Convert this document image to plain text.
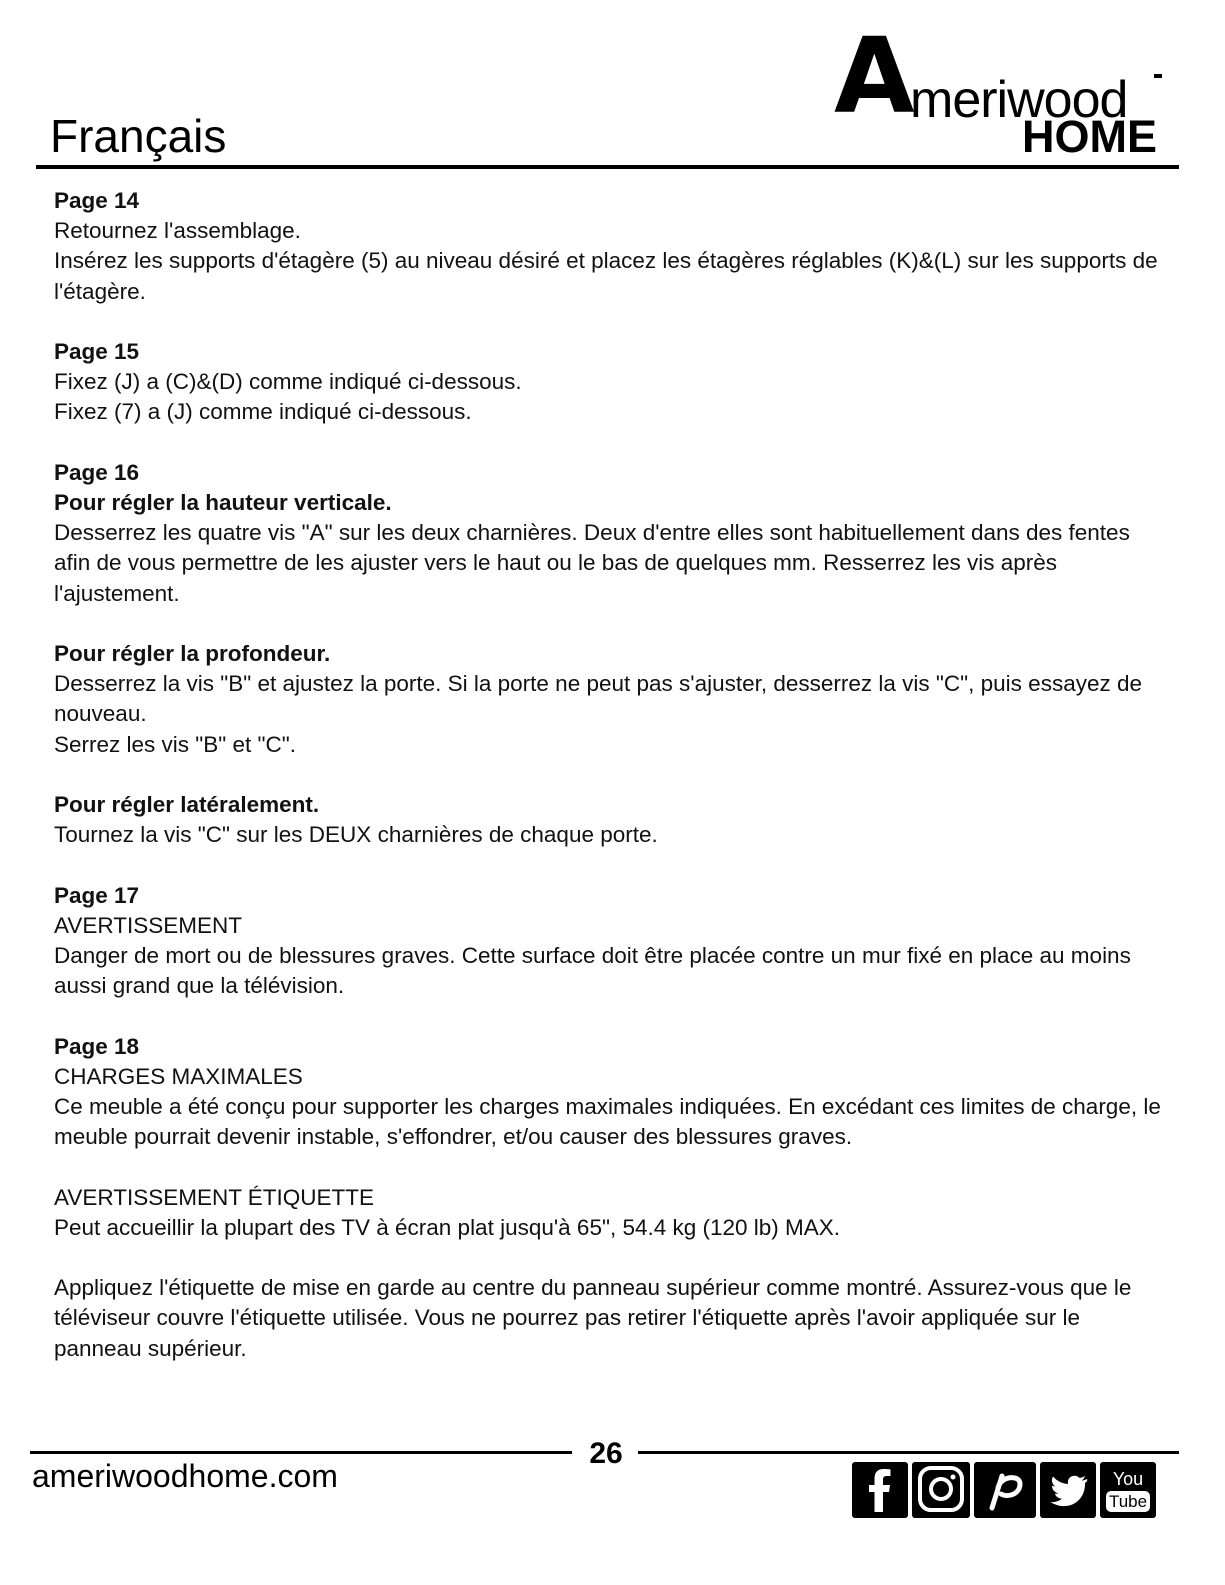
Français	A
meriwood
HOME

Page 14

Retournez l'assemblage.

Insérez les supports d'étagère (5) au niveau désiré et placez les étagères réglables (K)&(L) sur les supports de l'étagère.

Page 15

Fixez (J) a (C)&(D) comme indiqué ci-dessous.

Fixez (7) a (J) comme indiqué ci-dessous.

Page 16

Pour régler la hauteur verticale.

Desserrez les quatre vis "A" sur les deux charnières. Deux d'entre elles sont habituellement dans des fentes afin de vous permettre de les ajuster vers le haut ou le bas de quelques mm. Resserrez les vis après l'ajustement.

Pour régler la profondeur.

Desserrez la vis "B" et ajustez la porte. Si la porte ne peut pas s'ajuster, desserrez la vis "C", puis essayez de nouveau.

Serrez les vis "B" et "C".

Pour régler latéralement.

Tournez la vis "C" sur les DEUX charnières de chaque porte.

Page 17

AVERTISSEMENT

Danger de mort ou de blessures graves. Cette surface doit être placée contre un mur fixé en place au moins aussi grand que la télévision.

Page 18

CHARGES MAXIMALES

Ce meuble a été conçu pour supporter les charges maximales indiquées. En excédant ces limites de charge, le meuble pourrait devenir instable, s'effondrer, et/ou causer des blessures graves.

AVERTISSEMENT ÉTIQUETTE

Peut accueillir la plupart des TV à écran plat jusqu'à 65", 54.4 kg (120 lb) MAX.

Appliquez l'étiquette de mise en garde au centre du panneau supérieur comme montré. Assurez-vous que le téléviseur couvre l'étiquette utilisée. Vous ne pourrez pas retirer l'étiquette après l'avoir appliquée sur le panneau supérieur.

26
ameriwoodhome.com	You
Tube
